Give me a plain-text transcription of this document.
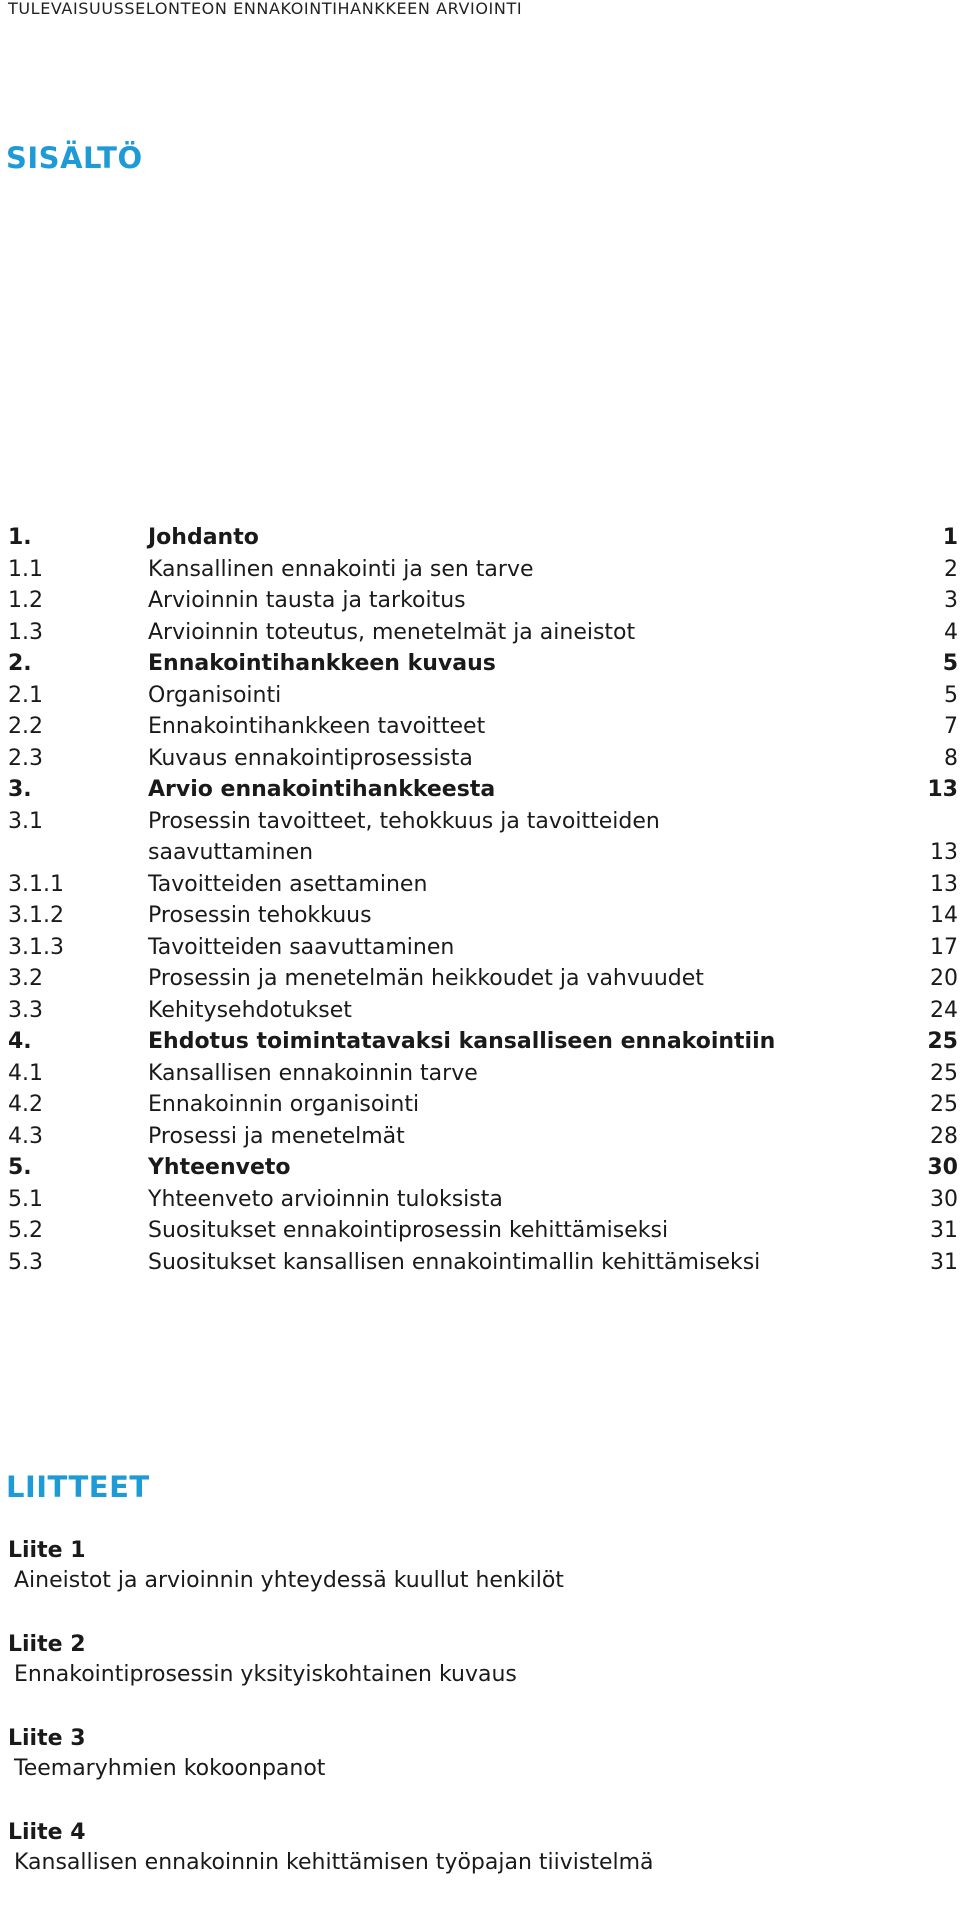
TULEVAISUUSSELONTEON ENNAKOINTIHANKKEEN ARVIOINTI
SISÄLTÖ
1.	Johdanto	1
1.1	Kansallinen ennakointi ja sen tarve	2
1.2	Arvioinnin tausta ja tarkoitus	3
1.3	Arvioinnin toteutus, menetelmät ja aineistot	4
2.	Ennakointihankkeen kuvaus	5
2.1	Organisointi	5
2.2	Ennakointihankkeen tavoitteet	7
2.3	Kuvaus ennakointiprosessista	8
3.	Arvio ennakointihankkeesta	13
3.1	Prosessin tavoitteet, tehokkuus ja tavoitteiden saavuttaminen	13
3.1.1	Tavoitteiden asettaminen	13
3.1.2	Prosessin tehokkuus	14
3.1.3	Tavoitteiden saavuttaminen	17
3.2	Prosessin ja menetelmän heikkoudet ja vahvuudet	20
3.3	Kehitysehdotukset	24
4.	Ehdotus toimintatavaksi kansalliseen ennakointiin	25
4.1	Kansallisen ennakoinnin tarve	25
4.2	Ennakoinnin organisointi	25
4.3	Prosessi ja menetelmät	28
5.	Yhteenveto	30
5.1	Yhteenveto arvioinnin tuloksista	30
5.2	Suositukset ennakointiprosessin kehittämiseksi	31
5.3	Suositukset kansallisen ennakointimallin kehittämiseksi	31
LIITTEET
Liite 1
Aineistot ja arvioinnin yhteydessä kuullut henkilöt
Liite 2
Ennakointiprosessin yksityiskohtainen kuvaus
Liite 3
Teemaryhmien kokoonpanot
Liite 4
Kansallisen ennakoinnin kehittämisen työpajan tiivistelmä
